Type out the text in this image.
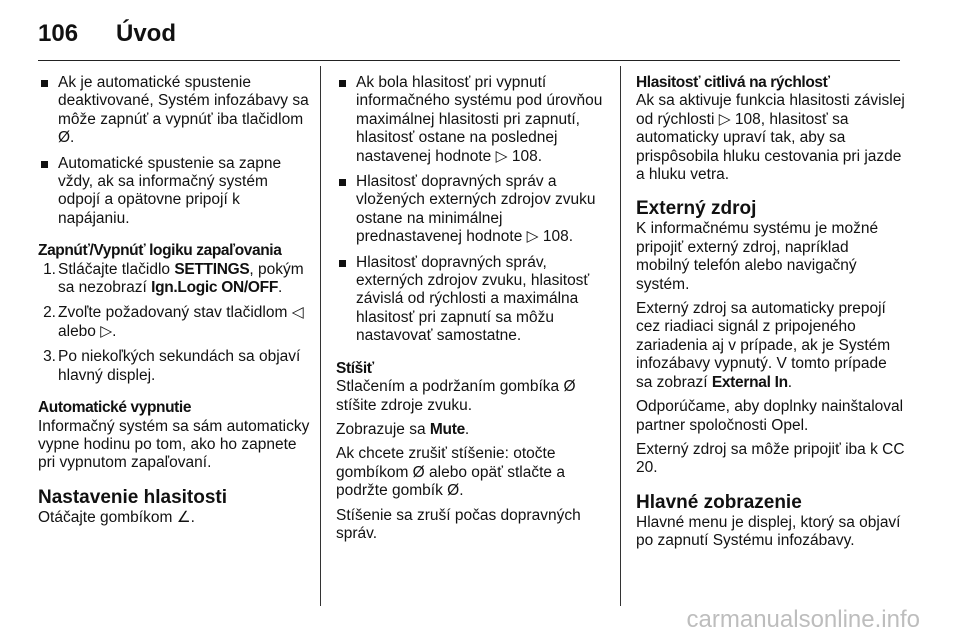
106 Úvod
Ak je automatické spustenie deaktivované, Systém infozábavy sa môže zapnúť a vypnúť iba tlačidlom Ø.
Automatické spustenie sa zapne vždy, ak sa informačný systém odpojí a opätovne pripojí k napájaniu.
Zapnúť/Vypnúť logiku zapaľovania
1. Stláčajte tlačidlo SETTINGS, pokým sa nezobrazí Ign.Logic ON/OFF.
2. Zvoľte požadovaný stav tlačidlom ◁ alebo ▷.
3. Po niekoľkých sekundách sa objaví hlavný displej.
Automatické vypnutie
Informačný systém sa sám automaticky vypne hodinu po tom, ako ho zapnete pri vypnutom zapaľovaní.
Nastavenie hlasitosti
Otáčajte gombíkom ∠.
Ak bola hlasitosť pri vypnutí informačného systému pod úrovňou maximálnej hlasitosti pri zapnutí, hlasitosť ostane na poslednej nastavenej hodnote ▷ 108.
Hlasitosť dopravných správ a vložených externých zdrojov zvuku ostane na minimálnej prednastavenej hodnote ▷ 108.
Hlasitosť dopravných správ, externých zdrojov zvuku, hlasitosť závislá od rýchlosti a maximálna hlasitosť pri zapnutí sa môžu nastavovať samostatne.
Stíšiť
Stlačením a podržaním gombíka Ø stíšite zdroje zvuku.
Zobrazuje sa Mute.
Ak chcete zrušiť stíšenie: otočte gombíkom Ø alebo opäť stlačte a podržte gombík Ø.
Stíšenie sa zruší počas dopravných správ.
Hlasitosť citlivá na rýchlosť
Ak sa aktivuje funkcia hlasitosti závislej od rýchlosti ▷ 108, hlasitosť sa automaticky upraví tak, aby sa prispôsobila hluku cestovania pri jazde a hluku vetra.
Externý zdroj
K informačnému systému je možné pripojiť externý zdroj, napríklad mobilný telefón alebo navigačný systém.
Externý zdroj sa automaticky prepojí cez riadiaci signál z pripojeného zariadenia aj v prípade, ak je Systém infozábavy vypnutý. V tomto prípade sa zobrazí External In.
Odporúčame, aby doplnky nainštaloval partner spoločnosti Opel.
Externý zdroj sa môže pripojiť iba k CC 20.
Hlavné zobrazenie
Hlavné menu je displej, ktorý sa objaví po zapnutí Systému infozábavy.
carmanualsonline.info
